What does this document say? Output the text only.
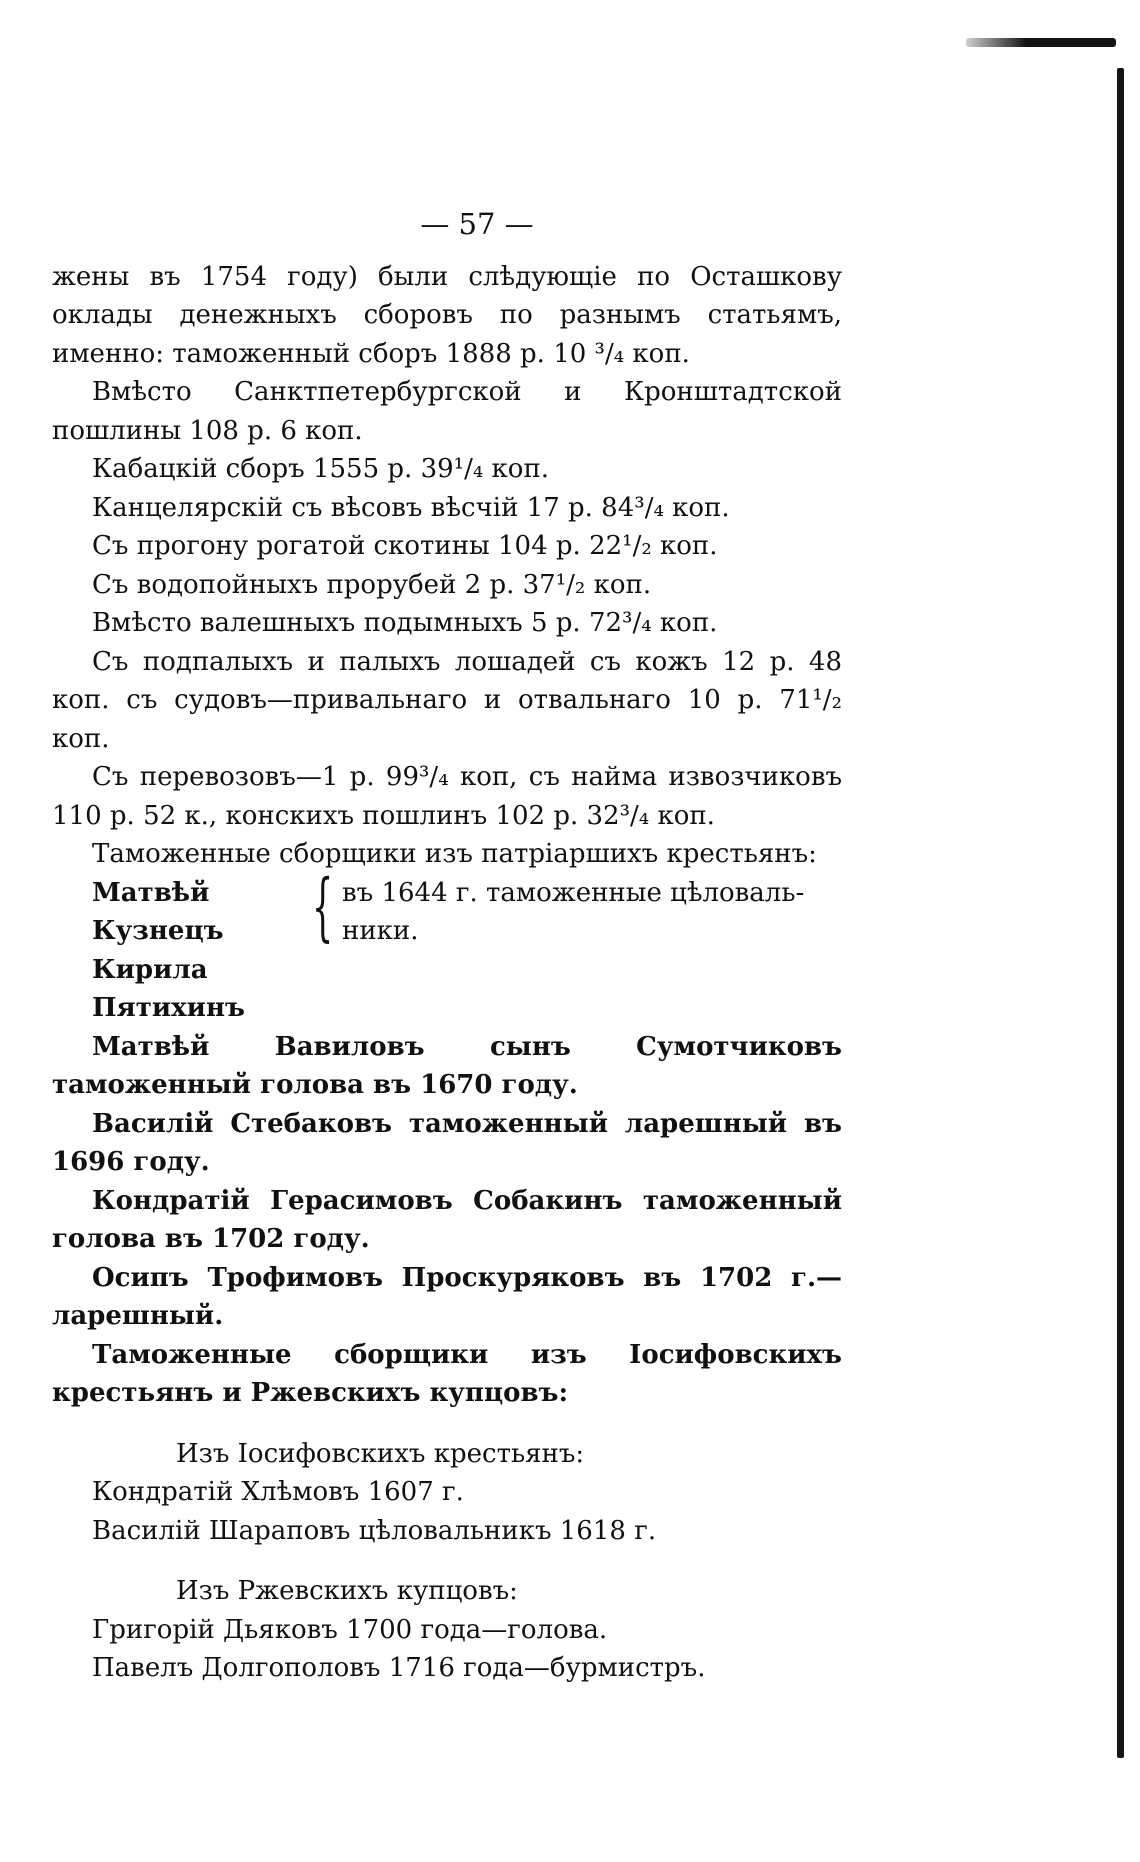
— 57 —

жены въ 1754 году) были слѣдующіе по Осташкову оклады денежныхъ сборовъ по разнымъ статьямъ, именно: таможенный сборъ 1888 р. 10 ³/₄ коп.

Вмѣсто Санктпетербургской и Кронштадтской пошлины 108 р. 6 коп.

Кабацкій сборъ 1555 р. 39¹/₄ коп.

Канцелярскій съ вѣсовъ вѣсчій 17 р. 84³/₄ коп.

Съ прогону рогатой скотины 104 р. 22¹/₂ коп.

Съ водопойныхъ прорубей 2 р. 37¹/₂ коп.

Вмѣсто валешныхъ подымныхъ 5 р. 72³/₄ коп.

Съ подпалыхъ и палыхъ лошадей съ кожъ 12 р. 48 коп. съ судовъ—привальнаго и отвальнаго 10 р. 71¹/₂ коп.

Съ перевозовъ—1 р. 99³/₄ коп, съ найма извозчиковъ 110 р. 52 к., конскихъ пошлинъ 102 р. 32³/₄ коп.

Таможенные сборщики изъ патріаршихъ крестьянъ:

Матвѣй Кузнецъ
Кирила Пятихинъ
{ въ 1644 г. таможенные цѣловаль-
ники.

Матвѣй Вавиловъ сынъ Сумотчиковъ таможенный голова въ 1670 году.

Василій Стебаковъ таможенный ларешный въ 1696 году.

Кондратій Герасимовъ Собакинъ таможенный голова въ 1702 году.

Осипъ Трофимовъ Проскуряковъ въ 1702 г.—ларешный.

Таможенные сборщики изъ Іосифовскихъ крестьянъ и Ржевскихъ купцовъ:

Изъ Іосифовскихъ крестьянъ:
Кондратій Хлѣмовъ 1607 г.
Василій Шараповъ цѣловальникъ 1618 г.
Изъ Ржевскихъ купцовъ:
Григорій Дьяковъ 1700 года—голова.
Павелъ Долгополовъ 1716 года—бурмистръ.
